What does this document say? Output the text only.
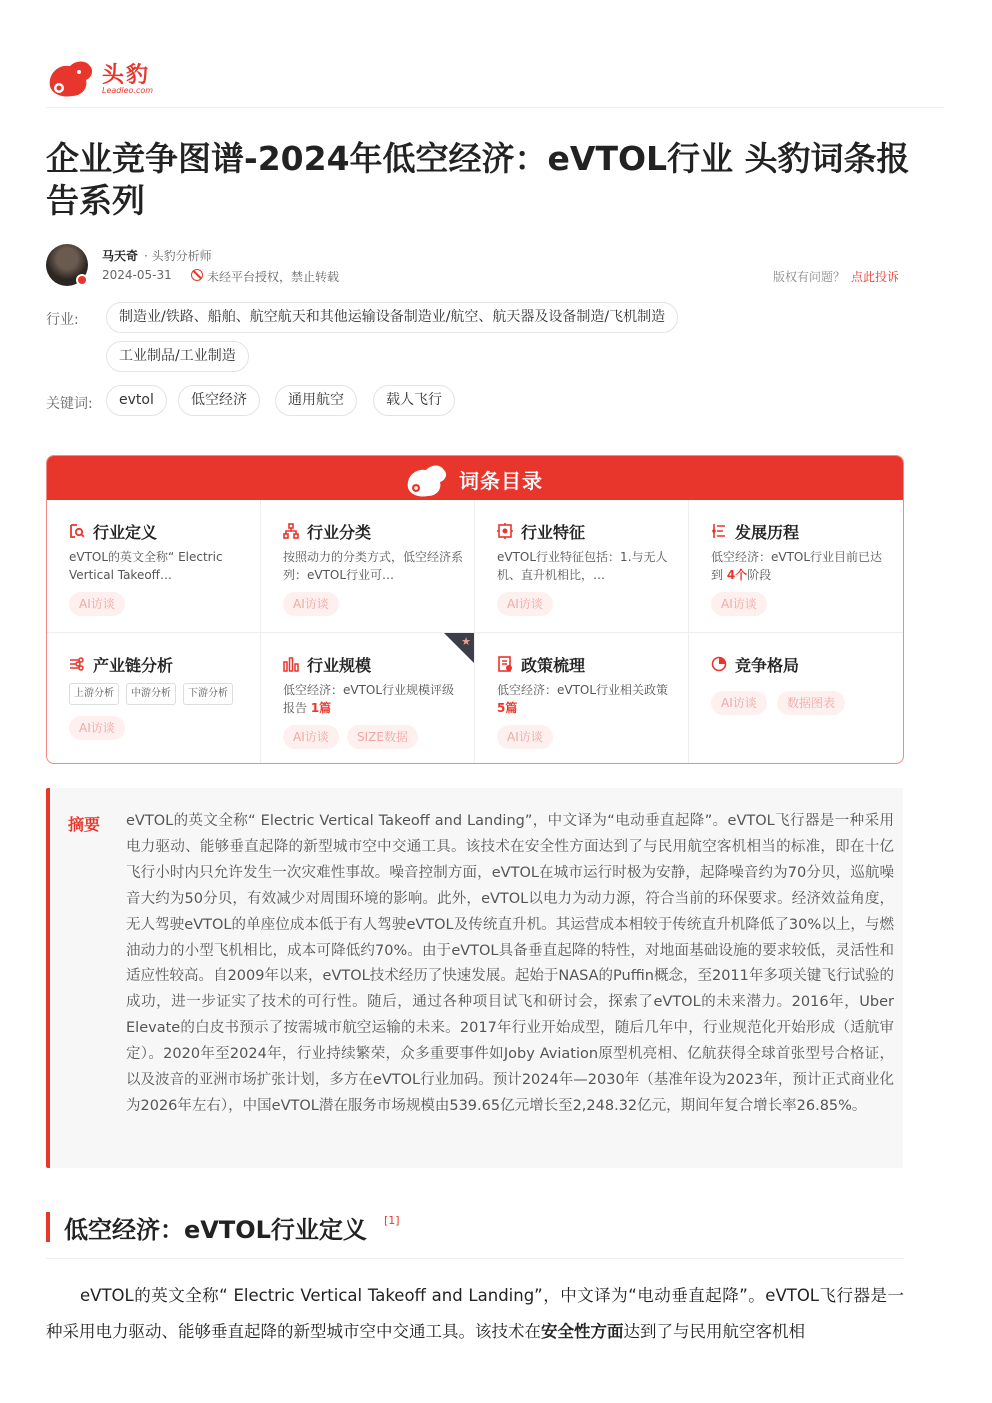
头豹
Leadleo.com
企业竞争图谱-2024年低空经济：eVTOL行业 头豹词条报告系列
马天奇 · 头豹分析师
2024-05-31	未经平台授权，禁止转载	版权有问题？ 点此投诉
行业:	制造业/铁路、船舶、航空航天和其他运输设备制造业/航空、航天器及设备制造/飞机制造
工业制品/工业制造
关键词:	evtol	低空经济	通用航空	载人飞行
词条目录
行业定义
eVTOL的英文全称“ Electric Vertical Takeoff…
AI访谈
行业分类
按照动力的分类方式，低空经济系列：eVTOL行业可…
AI访谈
行业特征
eVTOL行业特征包括：1.与无人机、直升机相比，…
AI访谈
发展历程
低空经济：eVTOL行业目前已达到 4个阶段
AI访谈
产业链分析
上游分析	中游分析	下游分析
AI访谈
★
行业规模
低空经济：eVTOL行业规模评级报告 1篇
AI访谈	SIZE数据
政策梳理
低空经济：eVTOL行业相关政策 5篇
AI访谈
竞争格局
AI访谈	数据图表
摘要 eVTOL的英文全称“ Electric Vertical Takeoff and Landing”，中文译为“电动垂直起降”。eVTOL飞行器是一种采用电力驱动、能够垂直起降的新型城市空中交通工具。该技术在安全性方面达到了与民用航空客机相当的标准，即在十亿飞行小时内只允许发生一次灾难性事故。噪音控制方面，eVTOL在城市运行时极为安静，起降噪音约为70分贝，巡航噪音大约为50分贝，有效减少对周围环境的影响。此外，eVTOL以电力为动力源，符合当前的环保要求。经济效益角度，无人驾驶eVTOL的单座位成本低于有人驾驶eVTOL及传统直升机。其运营成本相较于传统直升机降低了30%以上，与燃油动力的小型飞机相比，成本可降低约70%。由于eVTOL具备垂直起降的特性，对地面基础设施的要求较低，灵活性和适应性较高。自2009年以来，eVTOL技术经历了快速发展。起始于NASA的Puffin概念，至2011年多项关键飞行试验的成功，进一步证实了技术的可行性。随后，通过各种项目试飞和研讨会，探索了eVTOL的未来潜力。2016年，Uber Elevate的白皮书预示了按需城市航空运输的未来。2017年行业开始成型，随后几年中，行业规范化开始形成（适航审定）。2020年至2024年，行业持续繁荣，众多重要事件如Joby Aviation原型机亮相、亿航获得全球首张型号合格证，以及波音的亚洲市场扩张计划，多方在eVTOL行业加码。预计2024年—2030年（基准年设为2023年，预计正式商业化为2026年左右），中国eVTOL潜在服务市场规模由539.65亿元增长至2,248.32亿元，期间年复合增长率26.85%。
低空经济：eVTOL行业定义 [1]
eVTOL的英文全称“ Electric Vertical Takeoff and Landing”，中文译为“电动垂直起降”。eVTOL飞行器是一种采用电力驱动、能够垂直起降的新型城市空中交通工具。该技术在安全性方面达到了与民用航空客机相
